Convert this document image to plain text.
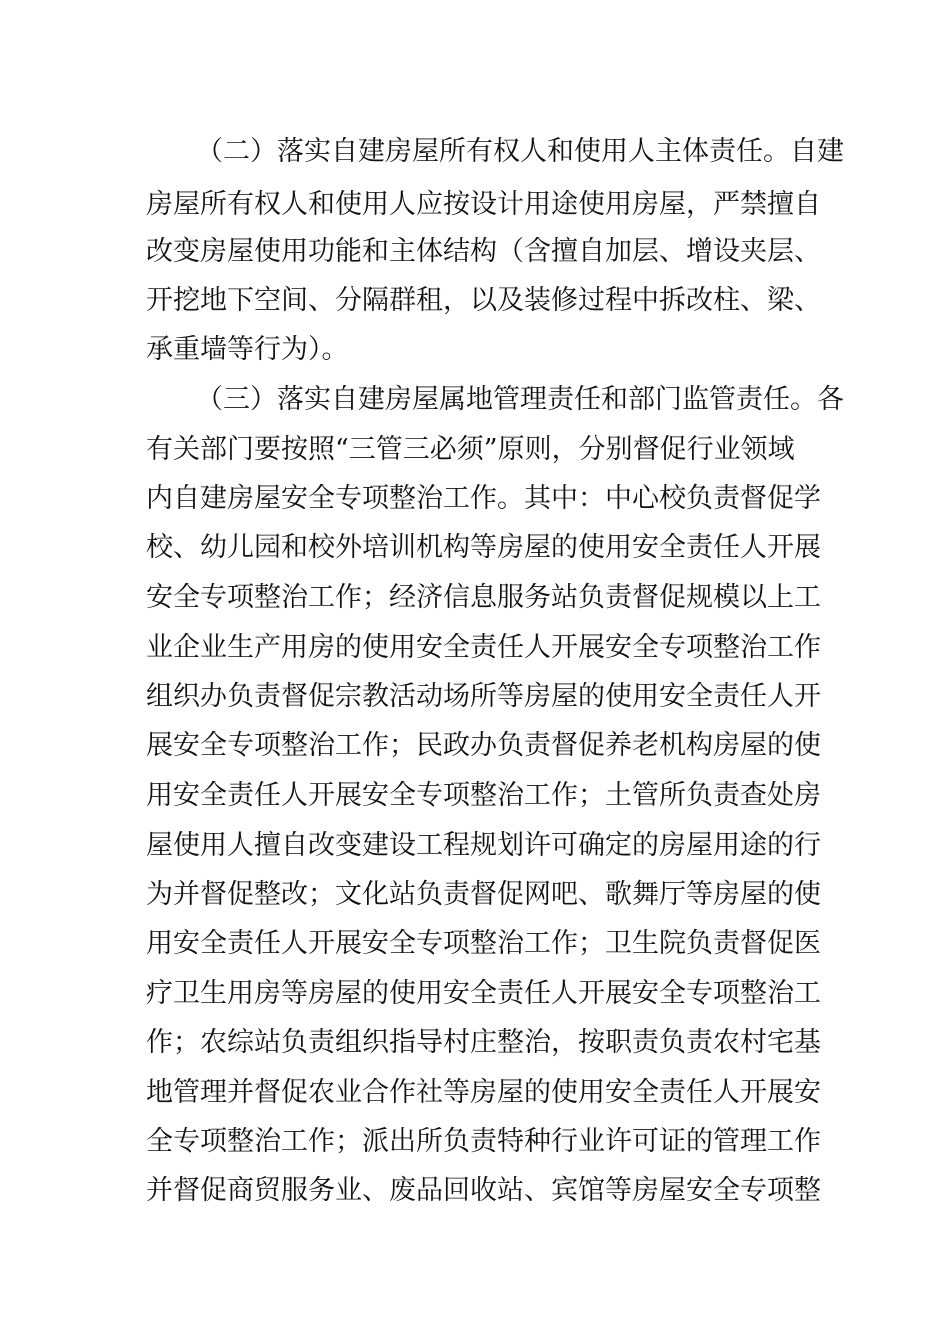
（二）落实自建房屋所有权人和使用人主体责任。自建
房屋所有权人和使用人应按设计用途使用房屋，严禁擅自
改变房屋使用功能和主体结构（含擅自加层、增设夹层、
开挖地下空间、分隔群租，以及装修过程中拆改柱、梁、
承重墙等行为）。
（三）落实自建房屋属地管理责任和部门监管责任。各
有关部门要按照“三管三必须”原则，分别督促行业领域
内自建房屋安全专项整治工作。其中：中心校负责督促学
校、幼儿园和校外培训机构等房屋的使用安全责任人开展
安全专项整治工作；经济信息服务站负责督促规模以上工
业企业生产用房的使用安全责任人开展安全专项整治工作
组织办负责督促宗教活动场所等房屋的使用安全责任人开
展安全专项整治工作；民政办负责督促养老机构房屋的使
用安全责任人开展安全专项整治工作；土管所负责查处房
屋使用人擅自改变建设工程规划许可确定的房屋用途的行
为并督促整改；文化站负责督促网吧、歌舞厅等房屋的使
用安全责任人开展安全专项整治工作；卫生院负责督促医
疗卫生用房等房屋的使用安全责任人开展安全专项整治工
作；农综站负责组织指导村庄整治，按职责负责农村宅基
地管理并督促农业合作社等房屋的使用安全责任人开展安
全专项整治工作；派出所负责特种行业许可证的管理工作
并督促商贸服务业、废品回收站、宾馆等房屋安全专项整
